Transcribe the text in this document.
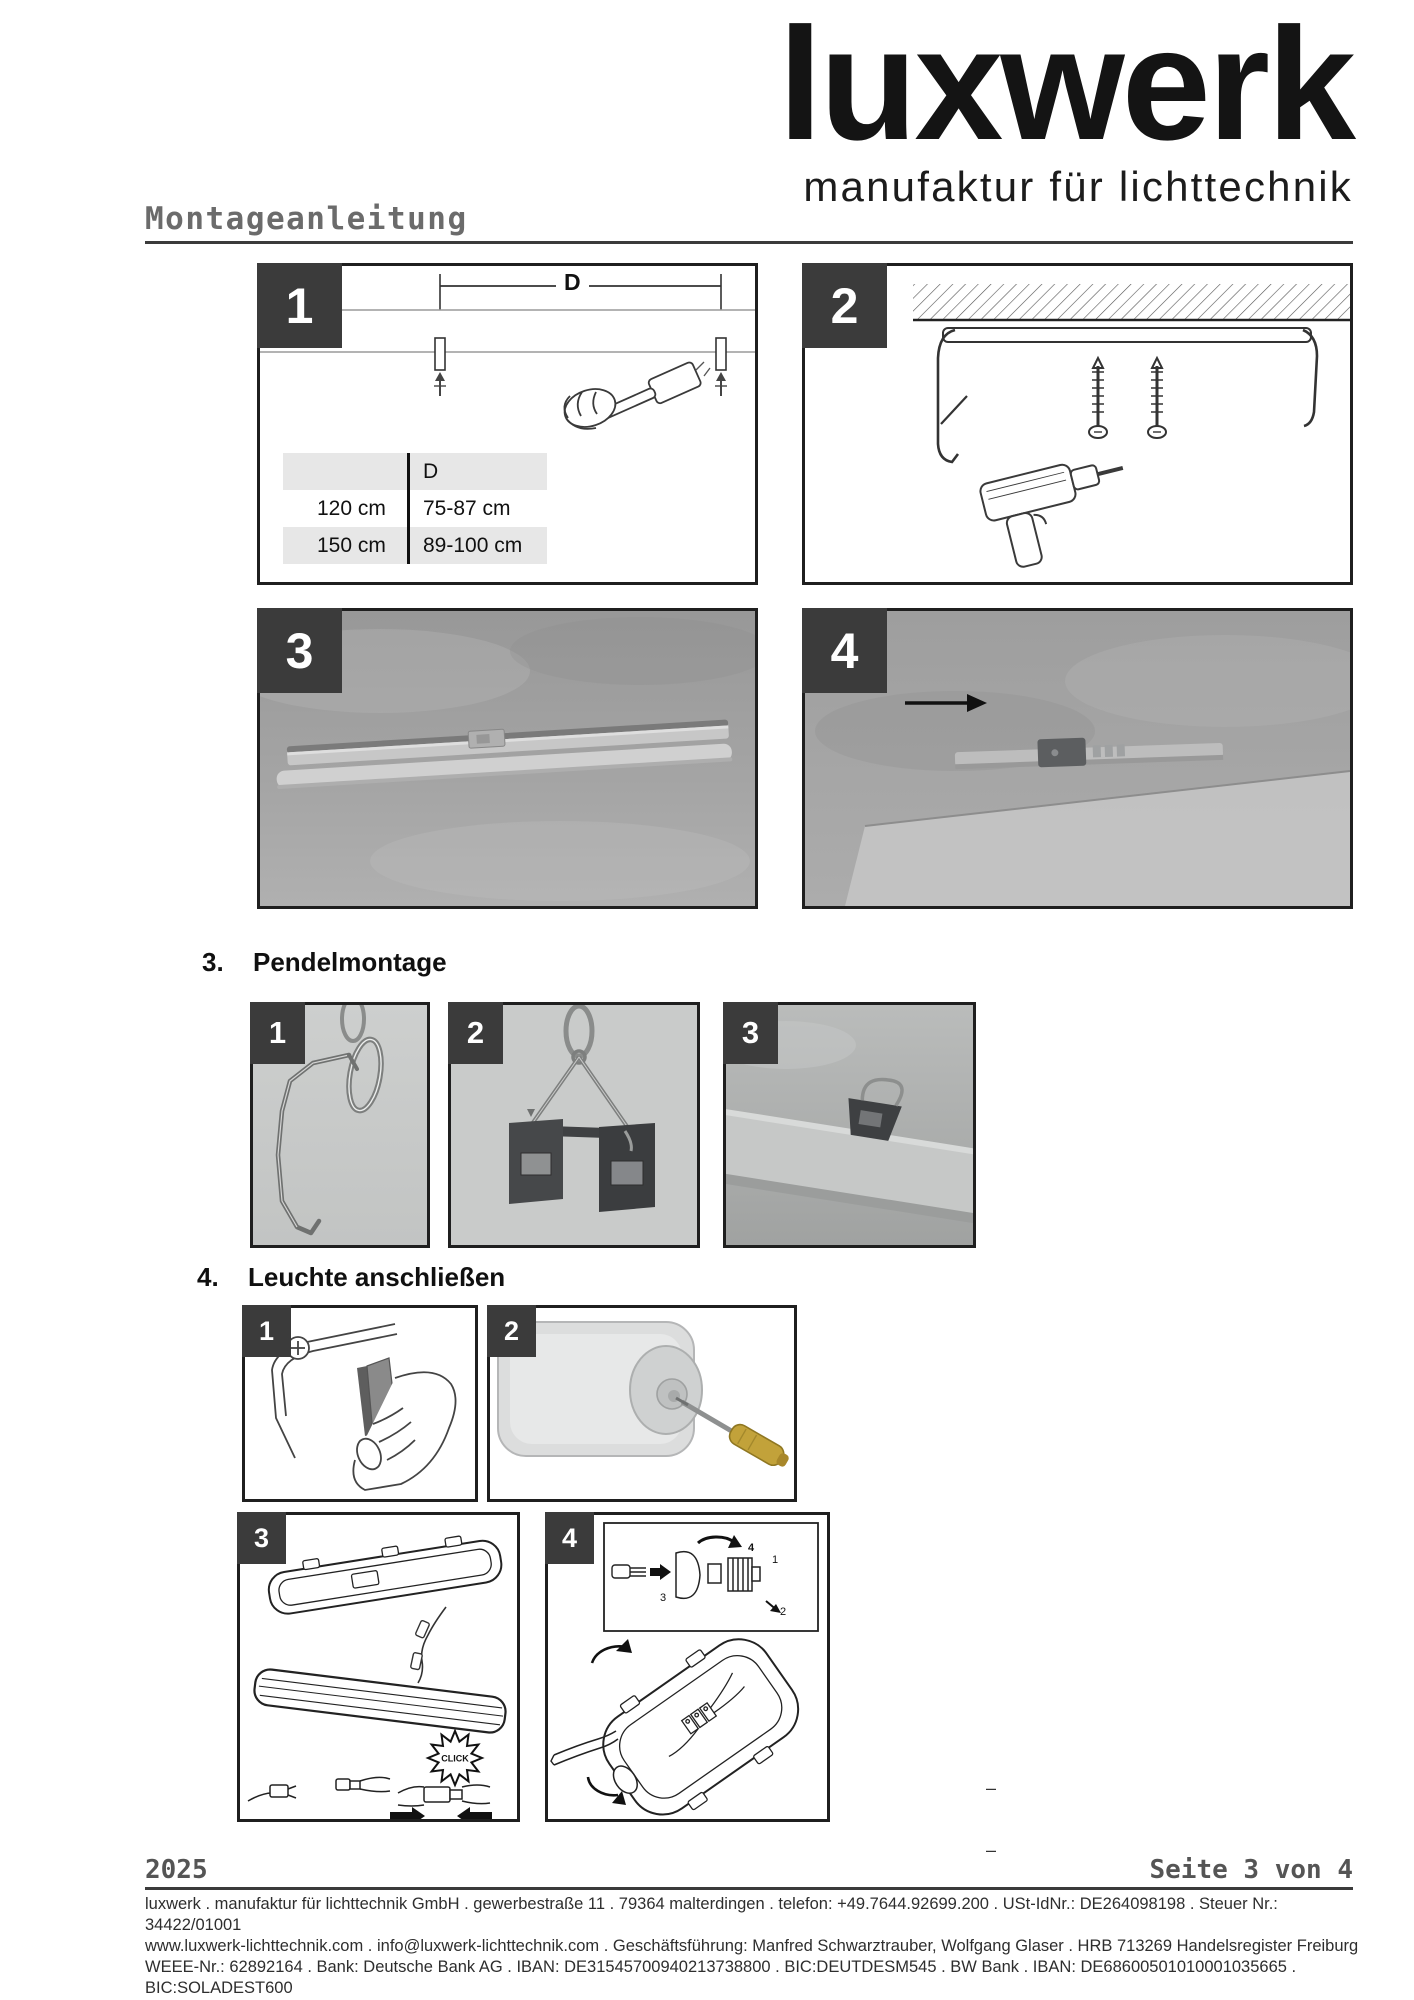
Montageanleitung
luxwerk
manufaktur für lichttechnik
1	D
D
120 cm	75-87 cm
150 cm	89-100 cm
2
3	4
3.	Pendelmontage
1	2	3
4.	Leuchte anschließen
1	2
3
CLICK
4	4
3
1
2
–
–
2025	Seite 3 von 4
luxwerk . manufaktur für lichttechnik GmbH . gewerbestraße 11 . 79364 malterdingen . telefon: +49.7644.92699.200 . USt-IdNr.: DE264098198 . Steuer Nr.: 34422/01001
www.luxwerk-lichttechnik.com . info@luxwerk-lichttechnik.com . Geschäftsführung: Manfred Schwarztrauber, Wolfgang Glaser . HRB 713269 Handelsregister Freiburg
WEEE-Nr.: 62892164 . Bank: Deutsche Bank AG . IBAN: DE31545700940213738800 . BIC:DEUTDESM545 . BW Bank . IBAN: DE68600501010001035665 . BIC:SOLADEST600
